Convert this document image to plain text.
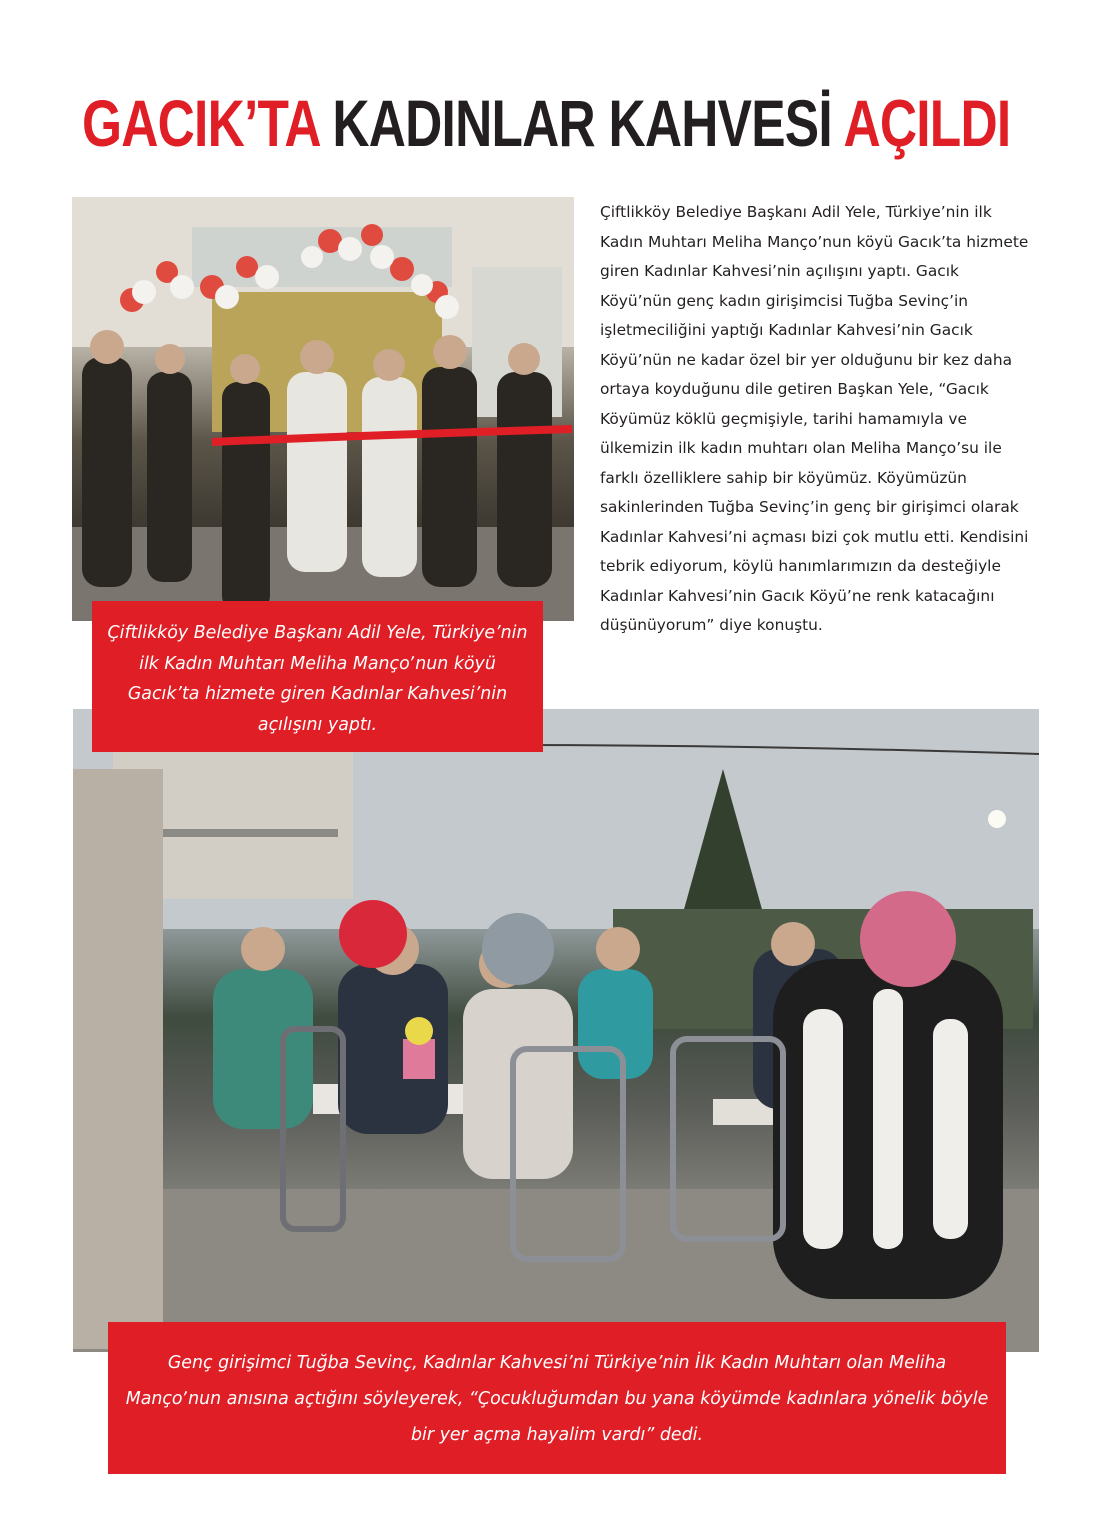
GACIK’TA KADINLAR KAHVESİ AÇILDI

Çiftlikköy Belediye Başkanı Adil Yele, Türkiye’nin ilk Kadın Muhtarı Meliha Mançoʼnun köyü Gacık’ta hizmete giren Kadınlar Kahvesi’nin açılışını yaptı. Gacık Köyü’nün genç kadın girişimcisi Tuğba Sevinç’in işletmeciliğini yaptığı Kadınlar Kahvesi’nin Gacık Köyü’nün ne kadar özel bir yer olduğunu bir kez daha ortaya koyduğunu dile getiren Başkan Yele, “Gacık Köyümüz köklü geçmişiyle, tarihi hamamıyla ve ülkemizin ilk kadın muhtarı olan Meliha Mançoʼsu ile farklı özelliklere sahip bir köyümüz. Köyümüzün sakinlerinden Tuğba Sevinç’in genç bir girişimci olarak Kadınlar Kahvesi’ni açması bizi çok mutlu etti. Kendisini tebrik ediyorum, köylü hanımlarımızın da desteğiyle Kadınlar Kahvesi’nin Gacık Köyü’ne renk katacağını düşünüyorum” diye konuştu.

Çiftlikköy Belediye Başkanı Adil Yele, Türkiye’nin ilk Kadın Muhtarı Meliha Mançoʼnun köyü Gacık’ta hizmete giren Kadınlar Kahvesi’nin açılışını yaptı.

Genç girişimci Tuğba Sevinç, Kadınlar Kahvesi’ni Türkiye’nin İlk Kadın Muhtarı olan Meliha Mançoʼnun anısına açtığını söyleyerek, “Çocukluğumdan bu yana köyümde kadınlara yönelik böyle bir yer açma hayalim vardı” dedi.
